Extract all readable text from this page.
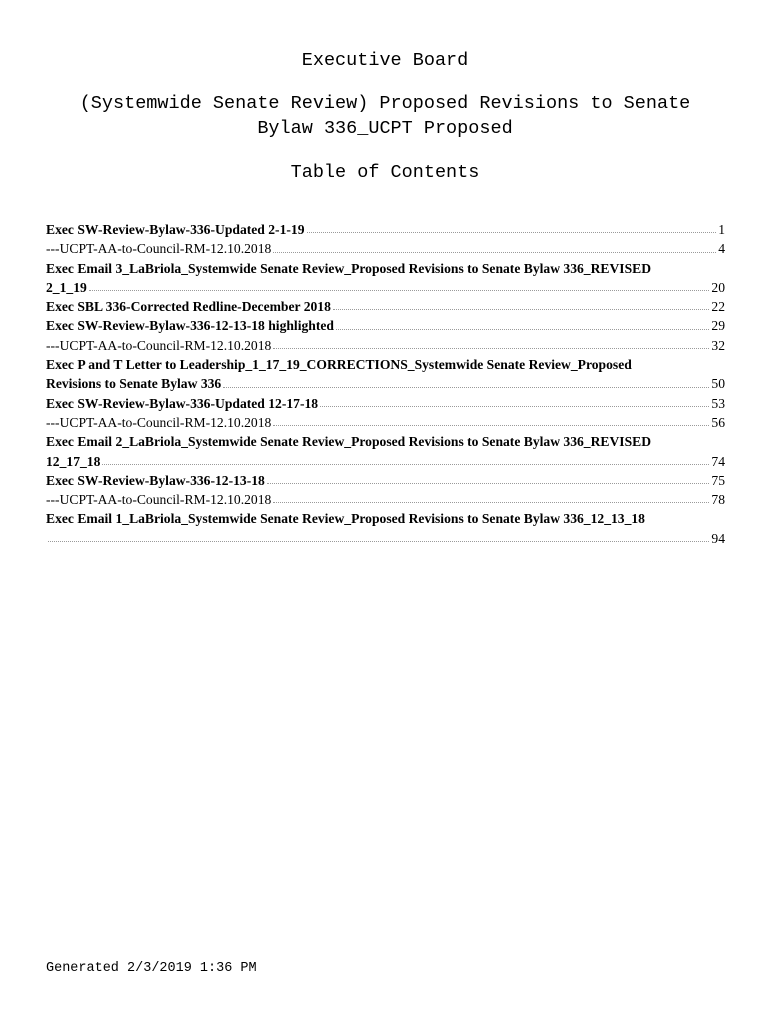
Executive Board
(Systemwide Senate Review) Proposed Revisions to Senate
Bylaw 336_UCPT Proposed
Table of Contents
Exec SW-Review-Bylaw-336-Updated 2-1-19	1
---UCPT-AA-to-Council-RM-12.10.2018	4
Exec Email 3_LaBriola_Systemwide Senate Review_Proposed Revisions to Senate Bylaw 336_REVISED
2_1_19	20
Exec SBL 336-Corrected Redline-December 2018	22
Exec SW-Review-Bylaw-336-12-13-18 highlighted	29
---UCPT-AA-to-Council-RM-12.10.2018	32
Exec P and T Letter to Leadership_1_17_19_CORRECTIONS_Systemwide Senate Review_Proposed
Revisions to Senate Bylaw 336	50
Exec SW-Review-Bylaw-336-Updated 12-17-18	53
---UCPT-AA-to-Council-RM-12.10.2018	56
Exec Email 2_LaBriola_Systemwide Senate Review_Proposed Revisions to Senate Bylaw 336_REVISED
12_17_18	74
Exec SW-Review-Bylaw-336-12-13-18	75
---UCPT-AA-to-Council-RM-12.10.2018	78
Exec Email 1_LaBriola_Systemwide Senate Review_Proposed Revisions to Senate Bylaw 336_12_13_18
94
Generated 2/3/2019 1:36 PM
